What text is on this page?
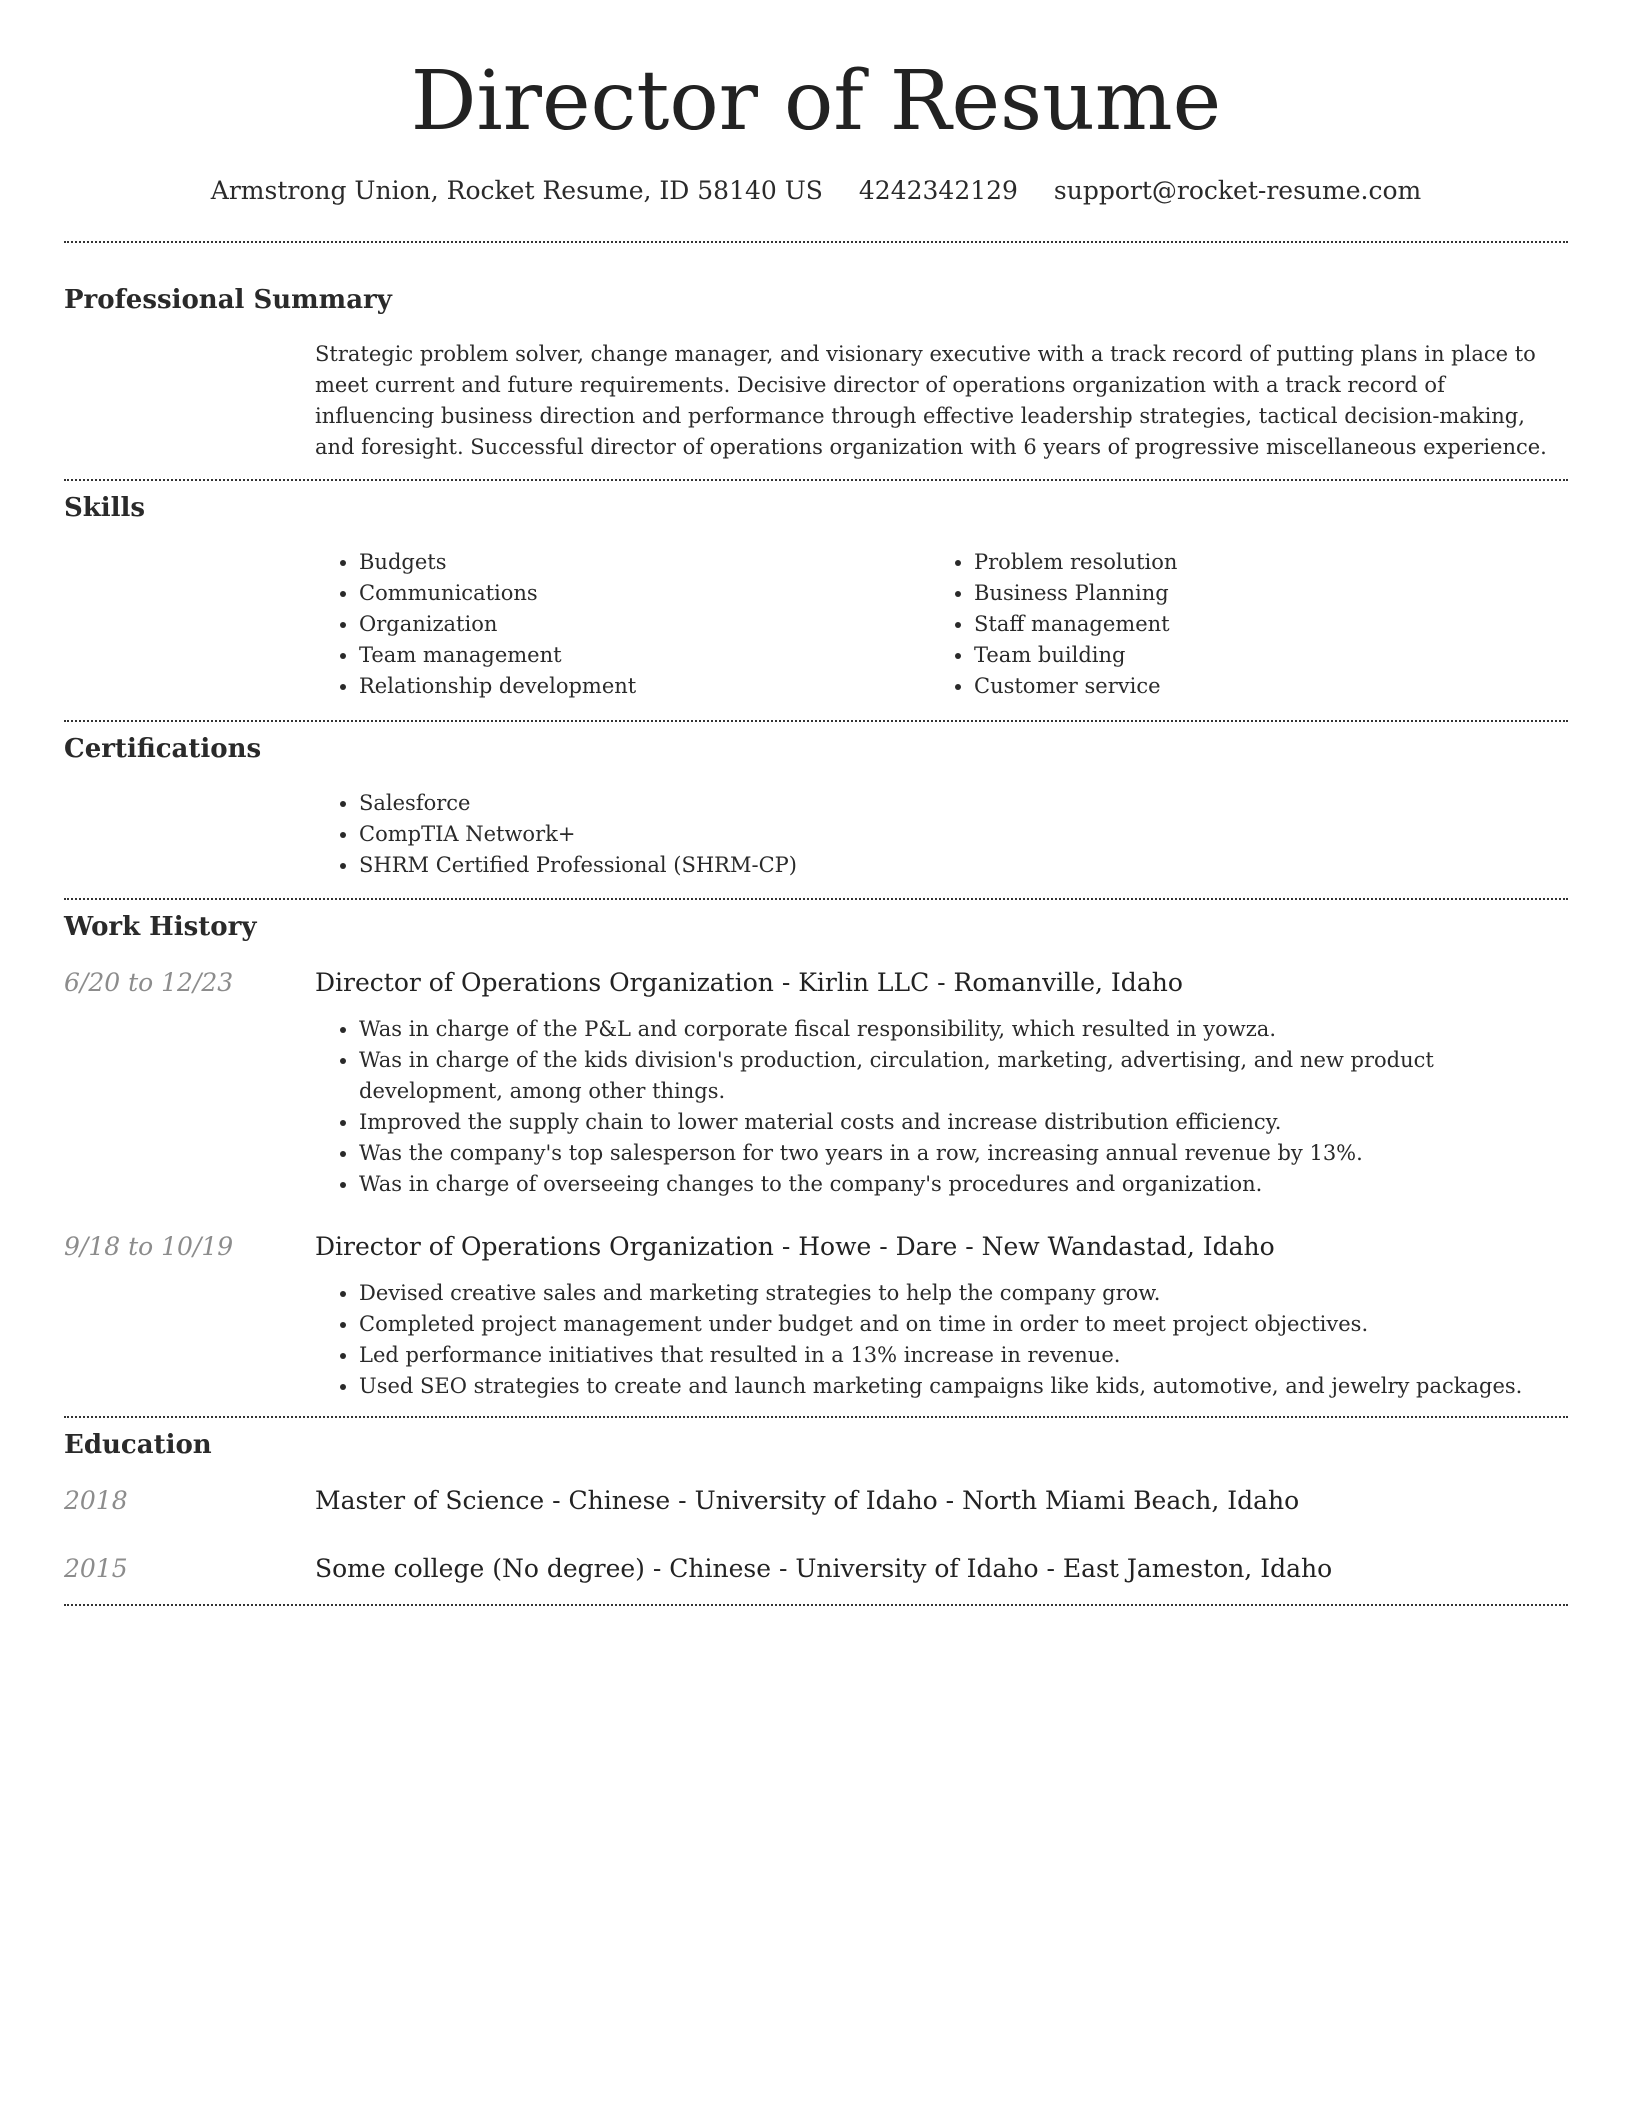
Director of Resume
Armstrong Union, Rocket Resume, ID 58140 US 4242342129 support@rocket-resume.com
Professional Summary
Strategic problem solver, change manager, and visionary executive with a track record of putting plans in place to meet current and future requirements. Decisive director of operations organization with a track record of influencing business direction and performance through effective leadership strategies, tactical decision-making, and foresight. Successful director of operations organization with 6 years of progressive miscellaneous experience.
Skills
• Budgets
• Communications
• Organization
• Team management
• Relationship development
• Problem resolution
• Business Planning
• Staff management
• Team building
• Customer service
Certifications
• Salesforce
• CompTIA Network+
• SHRM Certified Professional (SHRM-CP)
Work History
6/20 to 12/23	Director of Operations Organization - Kirlin LLC - Romanville, Idaho
• Was in charge of the P&L and corporate fiscal responsibility, which resulted in yowza.
• Was in charge of the kids division's production, circulation, marketing, advertising, and new product development, among other things.
• Improved the supply chain to lower material costs and increase distribution efficiency.
• Was the company's top salesperson for two years in a row, increasing annual revenue by 13%.
• Was in charge of overseeing changes to the company's procedures and organization.
9/18 to 10/19	Director of Operations Organization - Howe - Dare - New Wandastad, Idaho
• Devised creative sales and marketing strategies to help the company grow.
• Completed project management under budget and on time in order to meet project objectives.
• Led performance initiatives that resulted in a 13% increase in revenue.
• Used SEO strategies to create and launch marketing campaigns like kids, automotive, and jewelry packages.
Education
2018	Master of Science - Chinese - University of Idaho - North Miami Beach, Idaho
2015	Some college (No degree) - Chinese - University of Idaho - East Jameston, Idaho
